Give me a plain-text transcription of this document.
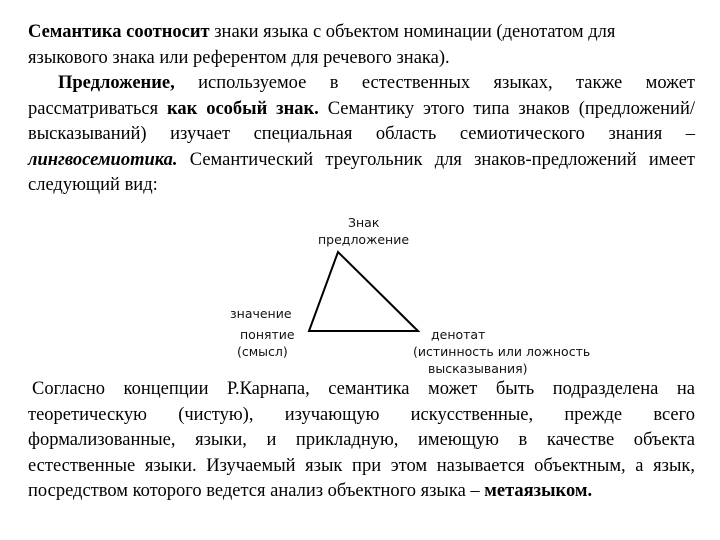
Семантика соотносит знаки языка с объектом номинации (денотатом для языкового знака или референтом для речевого знака).

Предложение, используемое в естественных языках, также может рассматриваться как особый знак. Семантику этого типа знаков (предложений/высказываний) изучает специальная область семиотического знания – лингвосемиотика. Семантический треугольник для знаков-предложений имеет следующий вид:

Знак
предложение
значение
понятие
(смысл)
денотат
(истинность или ложность
высказывания)

Согласно концепции Р.Карнапа, семантика может быть подразделена на теоретическую (чистую), изучающую искусственные, прежде всего формализованные, языки, и прикладную, имеющую в качестве объекта естественные языки. Изучаемый язык при этом называется объектным, а язык, посредством которого ведется анализ объектного языка – метаязыком.
